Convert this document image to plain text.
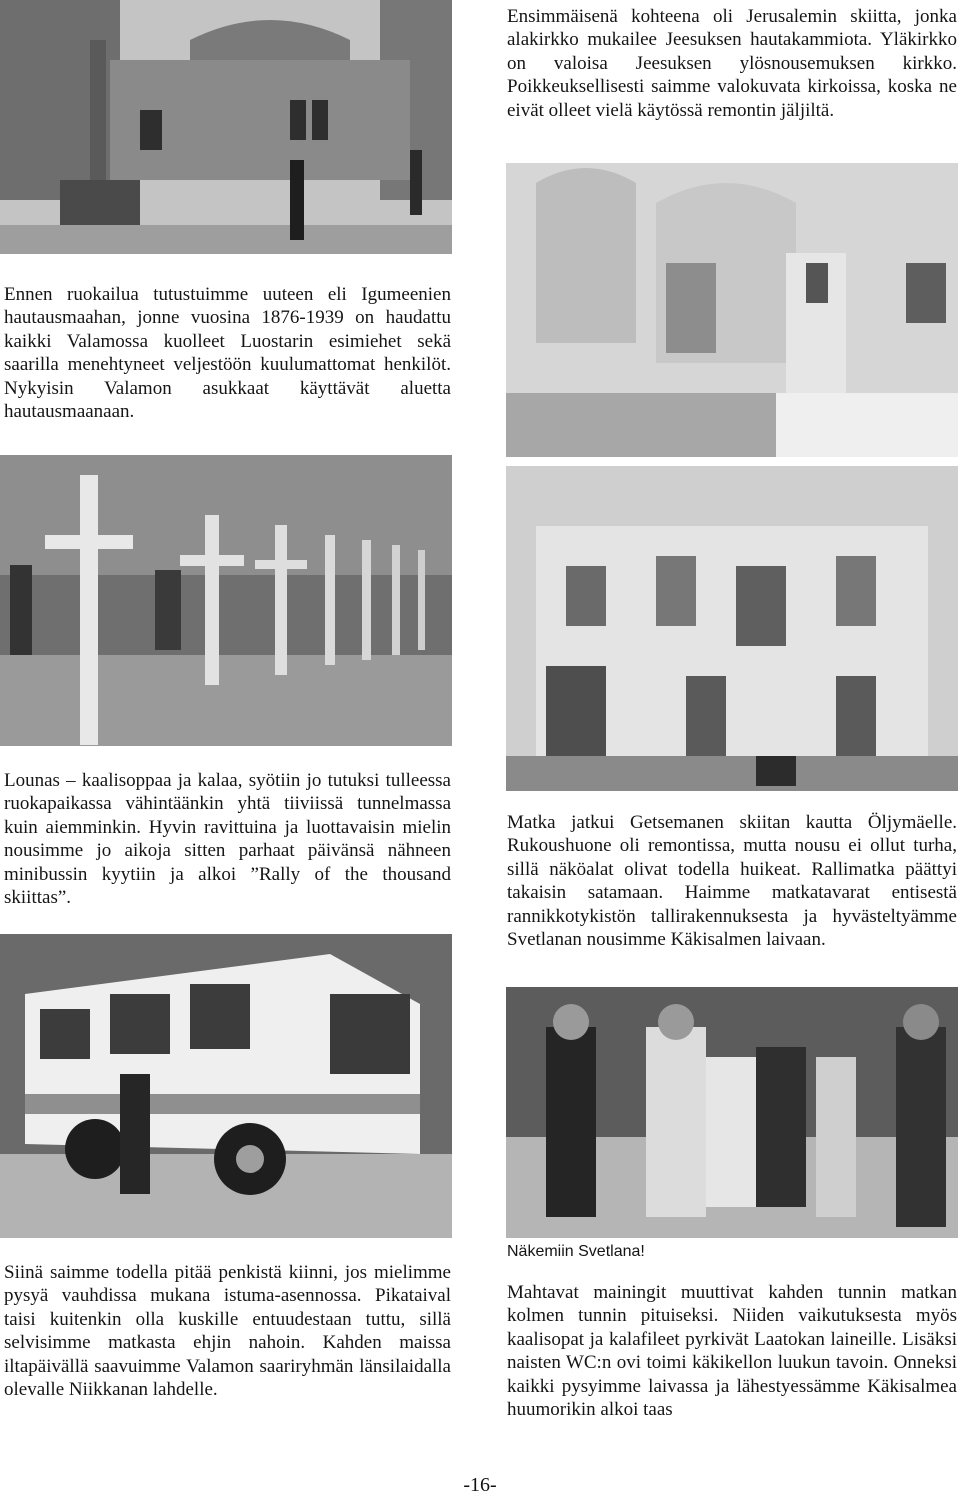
Ensimmäisenä kohteena oli Jerusalemin skiitta, jonka alakirkko mukailee Jeesuksen hautakammiota. Yläkirkko on valoisa Jeesuksen ylösnousemuksen kirkko. Poikkeuksellisesti saimme valokuvata kirkoissa, koska ne eivät olleet vielä käytössä remontin jäljiltä.

Ennen ruokailua tutustuimme uuteen eli Igumeenien hautausmaahan, jonne vuosina 1876-1939 on haudattu kaikki Valamossa kuolleet Luostarin esimiehet sekä saarilla menehtyneet veljestöön kuulumattomat henkilöt. Nykyisin Valamon asukkaat käyttävät aluetta hautausmaanaan.

Lounas – kaalisoppaa ja kalaa, syötiin jo tutuksi tulleessa ruokapaikassa vähintäänkin yhtä tiiviissä tunnelmassa kuin aiemminkin. Hyvin ravittuina ja luottavaisin mielin nousimme jo aikoja sitten parhaat päivänsä nähneen minibussin kyytiin ja alkoi ”Rally of the thousand skiittas”.

Matka jatkui Getsemanen skiitan kautta Öljymäelle. Rukoushuone oli remontissa, mutta nousu ei ollut turha, sillä näköalat olivat todella huikeat. Rallimatka päättyi takaisin satamaan. Haimme matkatavarat entisestä rannikkotykistön tallirakennuksesta ja hyvästeltyämme Svetlanan nousimme Käkisalmen laivaan.

Näkemiin Svetlana!

Siinä saimme todella pitää penkistä kiinni, jos mielimme pysyä vauhdissa mukana istuma-asennossa. Pikataival taisi kuitenkin olla kuskille entuudestaan tuttu, sillä selvisimme matkasta ehjin nahoin. Kahden maissa iltapäivällä saavuimme Valamon saariryhmän länsilaidalla olevalle Niikkanan lahdelle.

Mahtavat mainingit muuttivat kahden tunnin matkan kolmen tunnin pituiseksi. Niiden vaikutuksesta myös kaalisopat ja kalafileet pyrkivät Laatokan laineille. Lisäksi naisten WC:n ovi toimi käkikellon luukun tavoin. Onneksi kaikki pysyimme laivassa ja lähestyessämme Käkisalmea huumorikin alkoi taas

-16-
